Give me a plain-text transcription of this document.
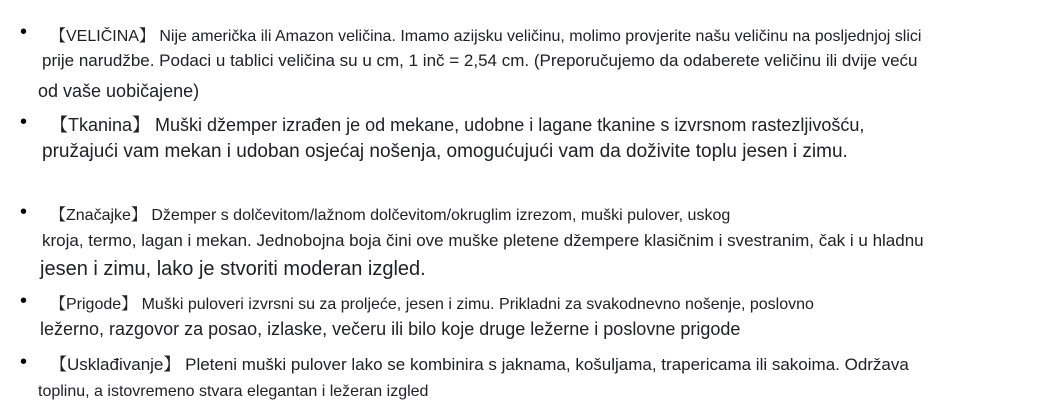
•	【VELIČINA】 Nije američka ili Amazon veličina. Imamo azijsku veličinu, molimo provjerite našu veličinu na posljednjoj slici
prije narudžbe. Podaci u tablici veličina su u cm, 1 inč = 2,54 cm. (Preporučujemo da odaberete veličinu ili dvije veću
od vaše uobičajene)
• 【Tkanina】 Muški džemper izrađen je od mekane, udobne i lagane tkanine s izvrsnom rastezljivošću,
pružajući vam mekan i udoban osjećaj nošenja, omogućujući vam da doživite toplu jesen i zimu.
•	【Značajke】 Džemper s dolčevitom/lažnom dolčevitom/okruglim izrezom, muški pulover, uskog
kroja, termo, lagan i mekan. Jednobojna boja čini ove muške pletene džempere klasičnim i svestranim, čak i u hladnu
jesen i zimu, lako je stvoriti moderan izgled.
•	【Prigode】 Muški puloveri izvrsni su za proljeće, jesen i zimu. Prikladni za svakodnevno nošenje, poslovno
ležerno, razgovor za posao, izlaske, večeru ili bilo koje druge ležerne i poslovne prigode
• 【Usklađivanje】 Pleteni muški pulover lako se kombinira s jaknama, košuljama, trapericama ili sakoima. Održava
toplinu, a istovremeno stvara elegantan i ležeran izgled
